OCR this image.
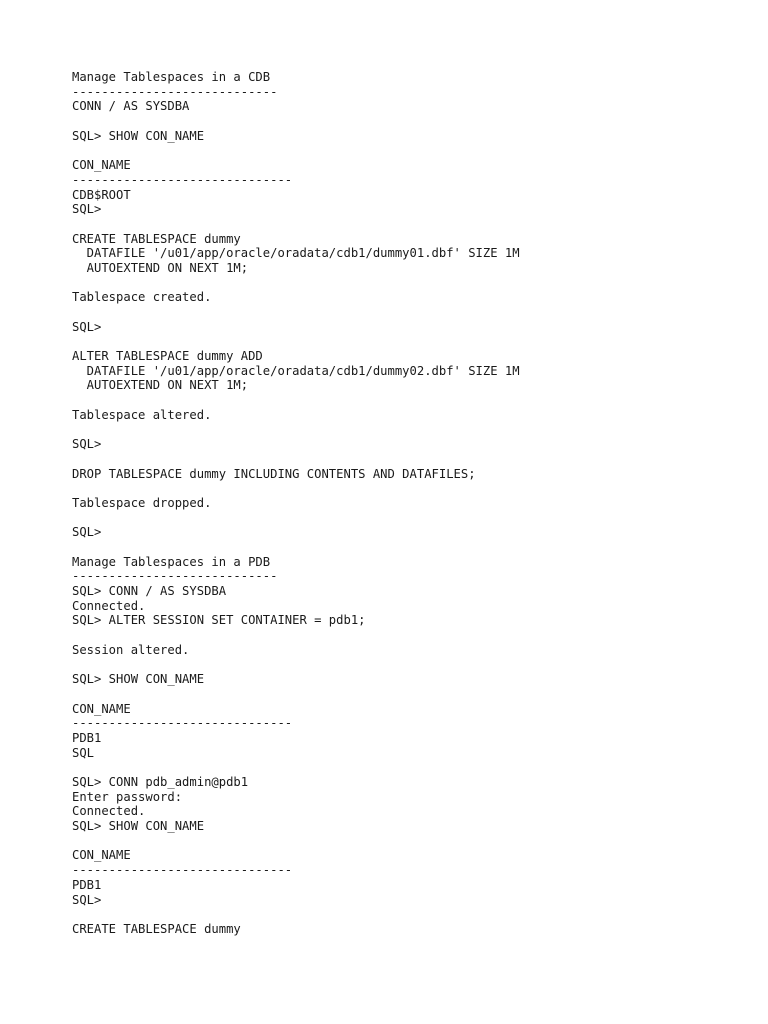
Manage Tablespaces in a CDB
----------------------------
CONN / AS SYSDBA
SQL> SHOW CON_NAME
CON_NAME
------------------------------
CDB$ROOT
SQL>
CREATE TABLESPACE dummy
DATAFILE '/u01/app/oracle/oradata/cdb1/dummy01.dbf' SIZE 1M
AUTOEXTEND ON NEXT 1M;
Tablespace created.
SQL>
ALTER TABLESPACE dummy ADD
DATAFILE '/u01/app/oracle/oradata/cdb1/dummy02.dbf' SIZE 1M
AUTOEXTEND ON NEXT 1M;
Tablespace altered.
SQL>
DROP TABLESPACE dummy INCLUDING CONTENTS AND DATAFILES;
Tablespace dropped.
SQL>
Manage Tablespaces in a PDB
----------------------------
SQL> CONN / AS SYSDBA
Connected.
SQL> ALTER SESSION SET CONTAINER = pdb1;
Session altered.
SQL> SHOW CON_NAME
CON_NAME
------------------------------
PDB1
SQL
SQL> CONN pdb_admin@pdb1
Enter password:
Connected.
SQL> SHOW CON_NAME
CON_NAME
------------------------------
PDB1
SQL>
CREATE TABLESPACE dummy
